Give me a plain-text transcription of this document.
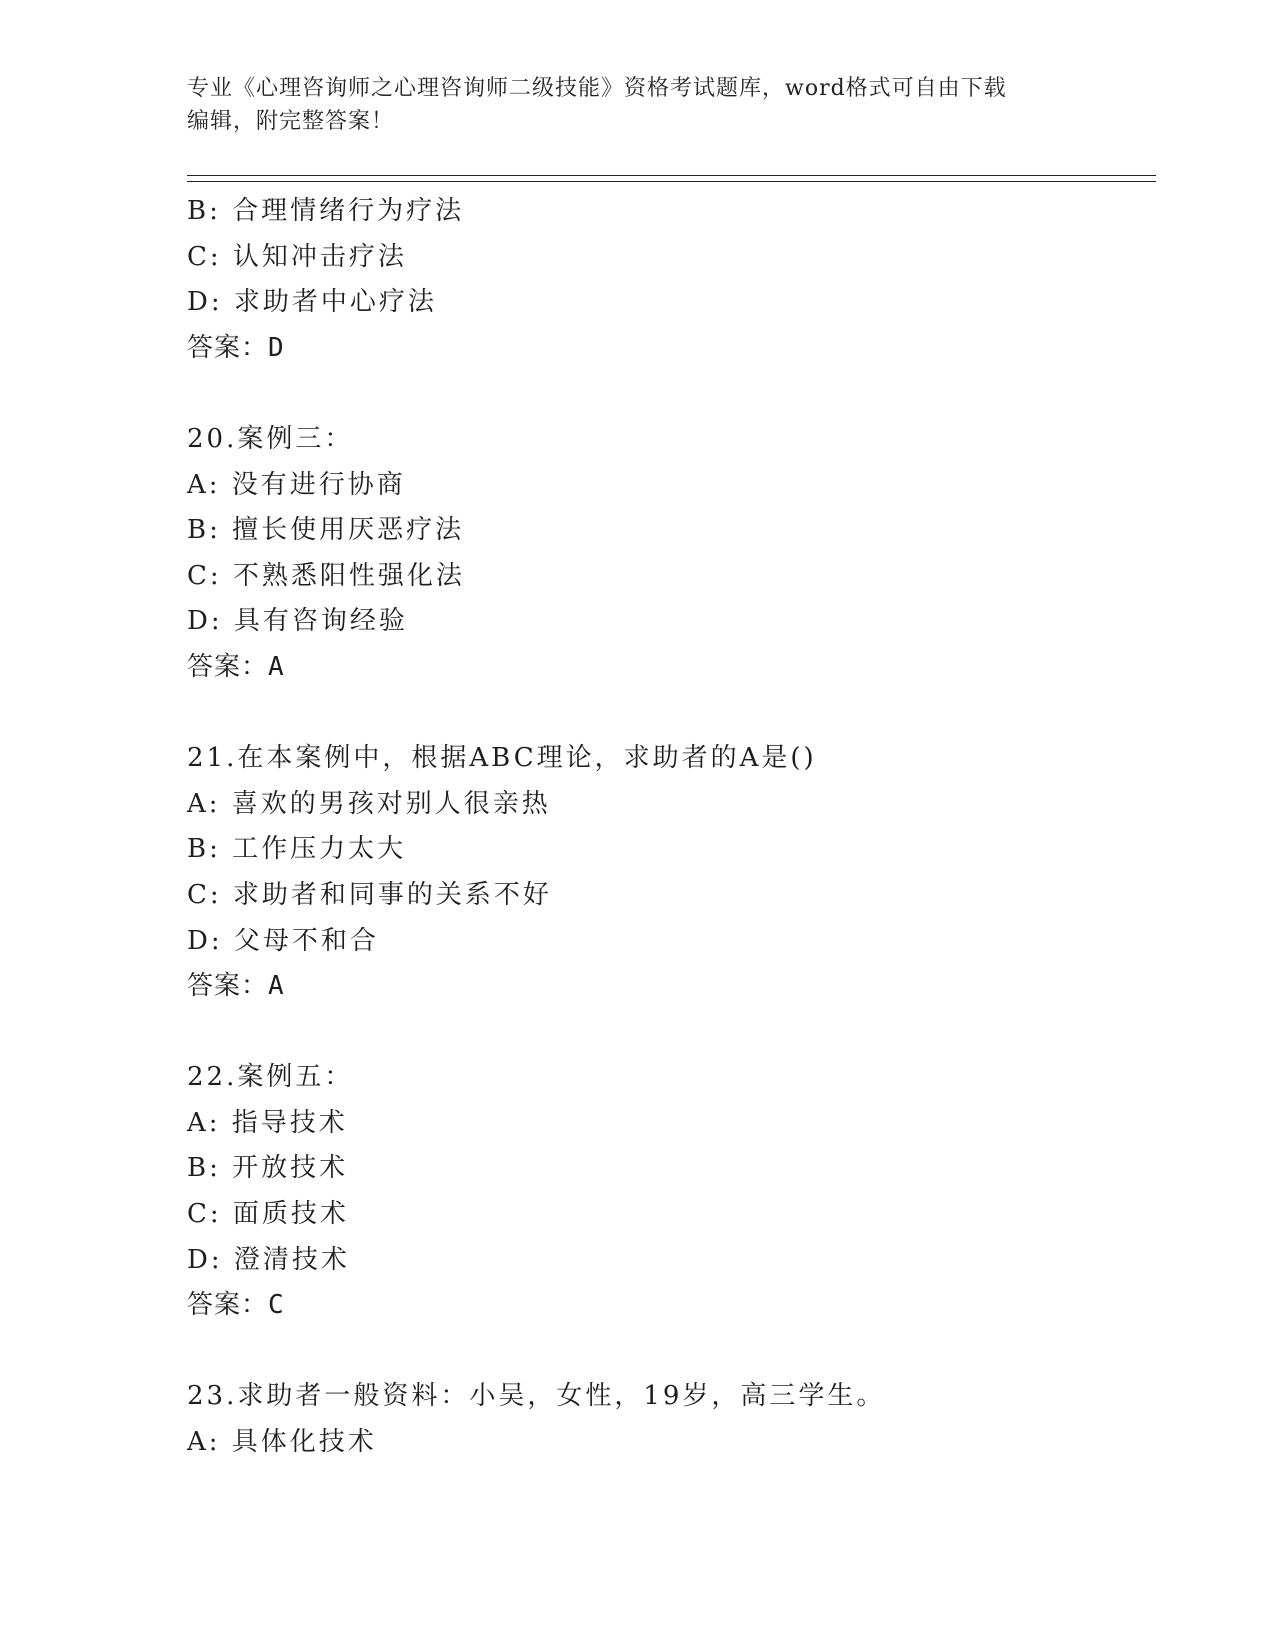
专业《心理咨询师之心理咨询师二级技能》资格考试题库，word格式可自由下载
编辑，附完整答案！
B: 合理情绪行为疗法
C: 认知冲击疗法
D: 求助者中心疗法
答案：D
20.案例三：
A: 没有进行协商
B: 擅长使用厌恶疗法
C: 不熟悉阳性强化法
D: 具有咨询经验
答案：A
21.在本案例中，根据ABC理论，求助者的A是()
A: 喜欢的男孩对别人很亲热
B: 工作压力太大
C: 求助者和同事的关系不好
D: 父母不和合
答案：A
22.案例五：
A: 指导技术
B: 开放技术
C: 面质技术
D: 澄清技术
答案：C
23.求助者一般资料：小吴，女性，19岁，高三学生。
A: 具体化技术
